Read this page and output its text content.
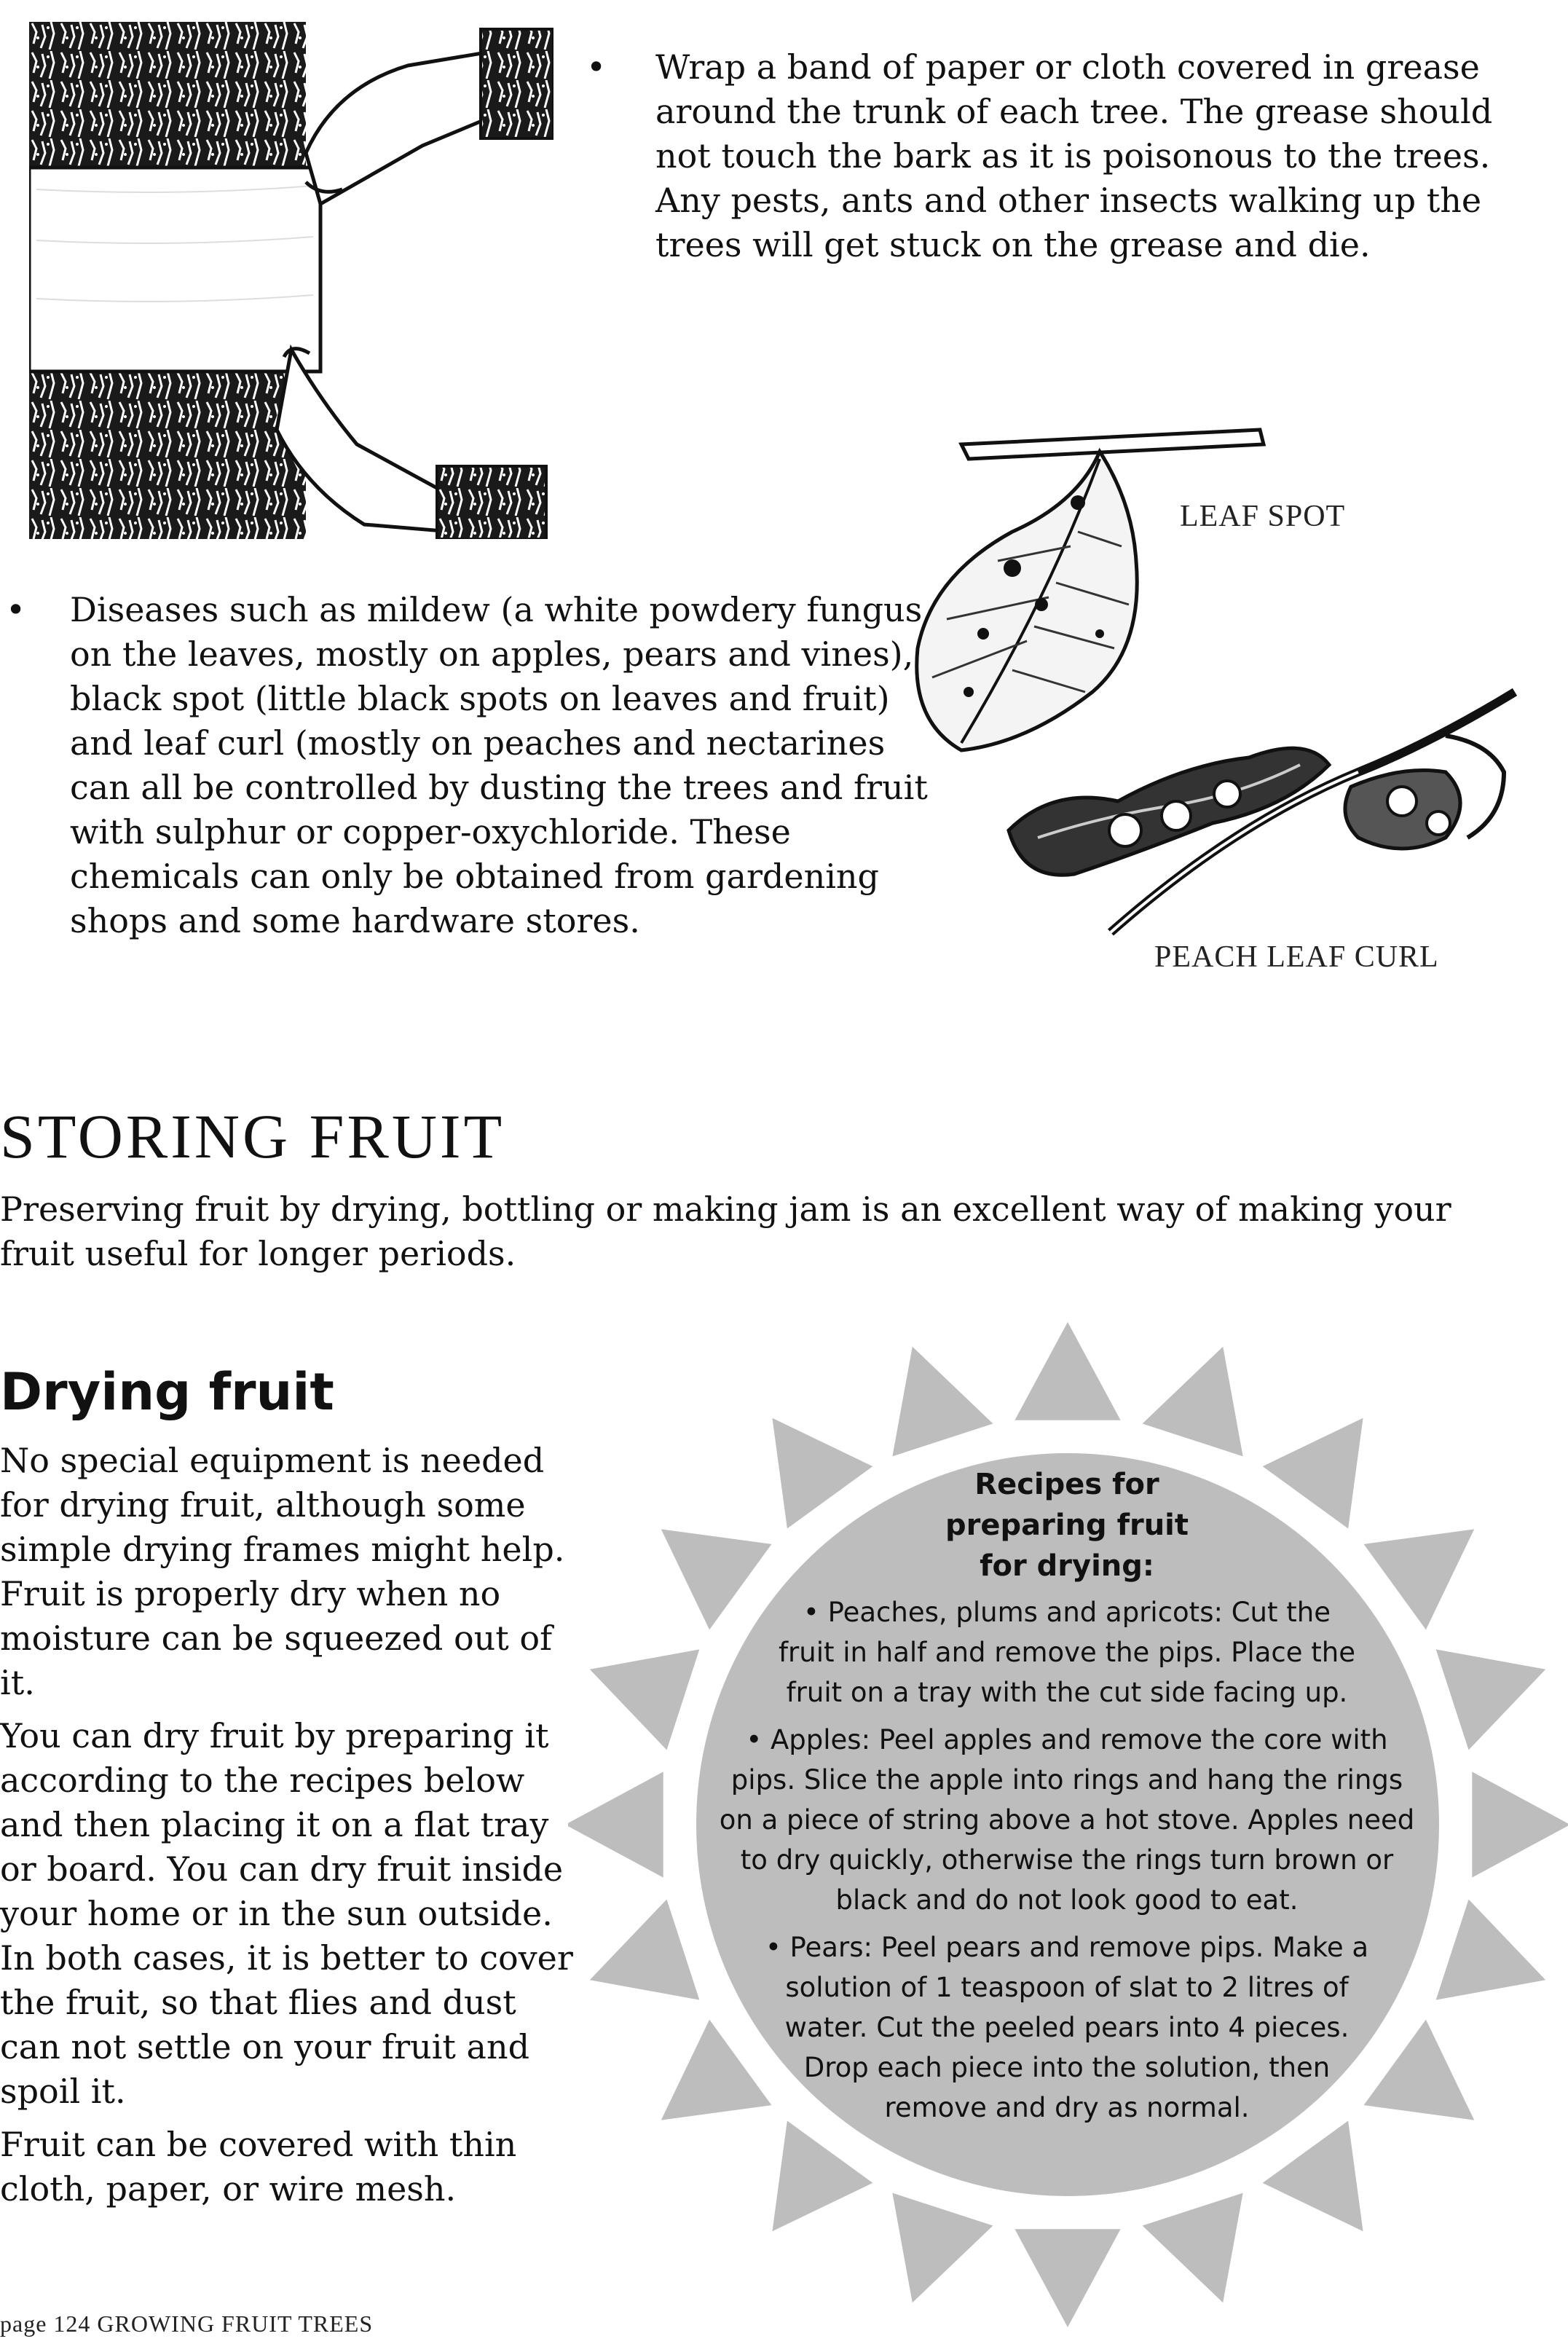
• Wrap a band of paper or cloth covered in grease around the trunk of each tree. The grease should not touch the bark as it is poisonous to the trees. Any pests, ants and other insects walking up the trees will get stuck on the grease and die.
LEAF SPOT
PEACH LEAF CURL
• Diseases such as mildew (a white powdery fungus on the leaves, mostly on apples, pears and vines), black spot (little black spots on leaves and fruit) and leaf curl (mostly on peaches and nectarines can all be controlled by dusting the trees and fruit with sulphur or copper-oxychloride. These chemicals can only be obtained from gardening shops and some hardware stores.
STORING FRUIT
Preserving fruit by drying, bottling or making jam is an excellent way of making your fruit useful for longer periods.
Drying fruit

No special equipment is needed for drying fruit, although some simple drying frames might help. Fruit is properly dry when no moisture can be squeezed out of it.

You can dry fruit by preparing it according to the recipes below and then placing it on a flat tray or board. You can dry fruit inside your home or in the sun outside. In both cases, it is better to cover the fruit, so that flies and dust can not settle on your fruit and spoil it.

Fruit can be covered with thin cloth, paper, or wire mesh.

Recipes for preparing fruit for drying:
• Peaches, plums and apricots: Cut the fruit in half and remove the pips. Place the fruit on a tray with the cut side facing up.
• Apples: Peel apples and remove the core with pips. Slice the apple into rings and hang the rings on a piece of string above a hot stove. Apples need to dry quickly, otherwise the rings turn brown or black and do not look good to eat.
• Pears: Peel pears and remove pips. Make a solution of 1 teaspoon of slat to 2 litres of water. Cut the peeled pears into 4 pieces. Drop each piece into the solution, then remove and dry as normal.
page 124 GROWING FRUIT TREES
